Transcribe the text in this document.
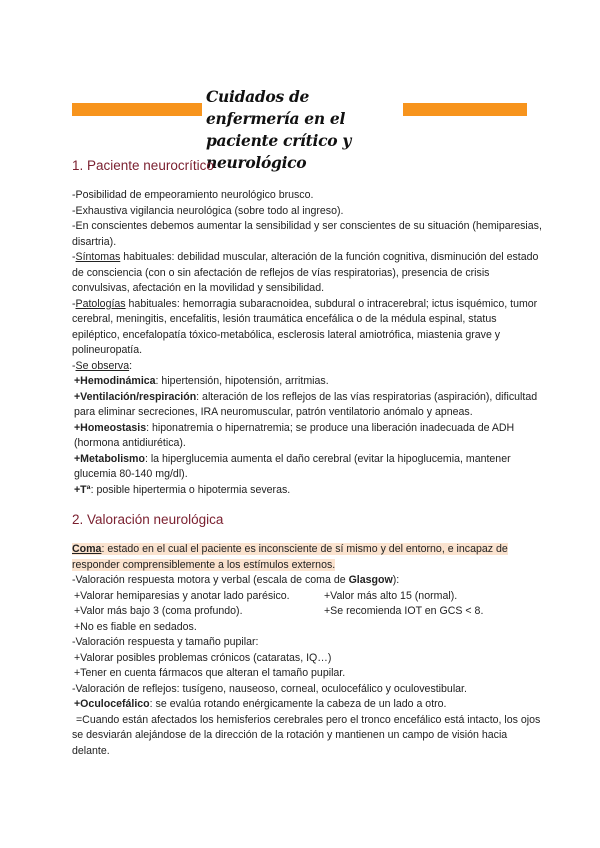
Cuidados de enfermería en el
paciente crítico y neurológico
1. Paciente neurocrítico

-Posibilidad de empeoramiento neurológico brusco.

-Exhaustiva vigilancia neurológica (sobre todo al ingreso).

-En conscientes debemos aumentar la sensibilidad y ser conscientes de su situación (hemiparesias, disartria).

-Síntomas habituales: debilidad muscular, alteración de la función cognitiva, disminución del estado de consciencia (con o sin afectación de reflejos de vías respiratorias), presencia de crisis convulsivas, afectación en la movilidad y sensibilidad.

-Patologías habituales: hemorragia subaracnoidea, subdural o intracerebral; ictus isquémico, tumor cerebral, meningitis, encefalitis, lesión traumática encefálica o de la médula espinal, status epiléptico, encefalopatía tóxico-metabólica, esclerosis lateral amiotrófica, miastenia grave y polineuropatía.

-Se observa:

+Hemodinámica: hipertensión, hipotensión, arritmias.

+Ventilación/respiración: alteración de los reflejos de las vías respiratorias (aspiración), dificultad para eliminar secreciones, IRA neuromuscular, patrón ventilatorio anómalo y apneas.

+Homeostasis: hiponatremia o hipernatremia; se produce una liberación inadecuada de ADH (hormona antidiurética).

+Metabolismo: la hiperglucemia aumenta el daño cerebral (evitar la hipoglucemia, mantener glucemia 80-140 mg/dl).

+Tª: posible hipertermia o hipotermia severas.

2. Valoración neurológica

Coma: estado en el cual el paciente es inconsciente de sí mismo y del entorno, e incapaz de responder comprensiblemente a los estímulos externos.

-Valoración respuesta motora y verbal (escala de coma de Glasgow):

+Valorar hemiparesias y anotar lado parésico.	+Valor más alto 15 (normal).
+Valor más bajo 3 (coma profundo).	+Se recomienda IOT en GCS < 8.

+No es fiable en sedados.

-Valoración respuesta y tamaño pupilar:

+Valorar posibles problemas crónicos (cataratas, IQ…)

+Tener en cuenta fármacos que alteran el tamaño pupilar.

-Valoración de reflejos: tusígeno, nauseoso, corneal, oculocefálico y oculovestibular.

+Oculocefálico: se evalúa rotando enérgicamente la cabeza de un lado a otro.

=Cuando están afectados los hemisferios cerebrales pero el tronco encefálico está intacto, los ojos se desviarán alejándose de la dirección de la rotación y mantienen un campo de visión hacia delante.
